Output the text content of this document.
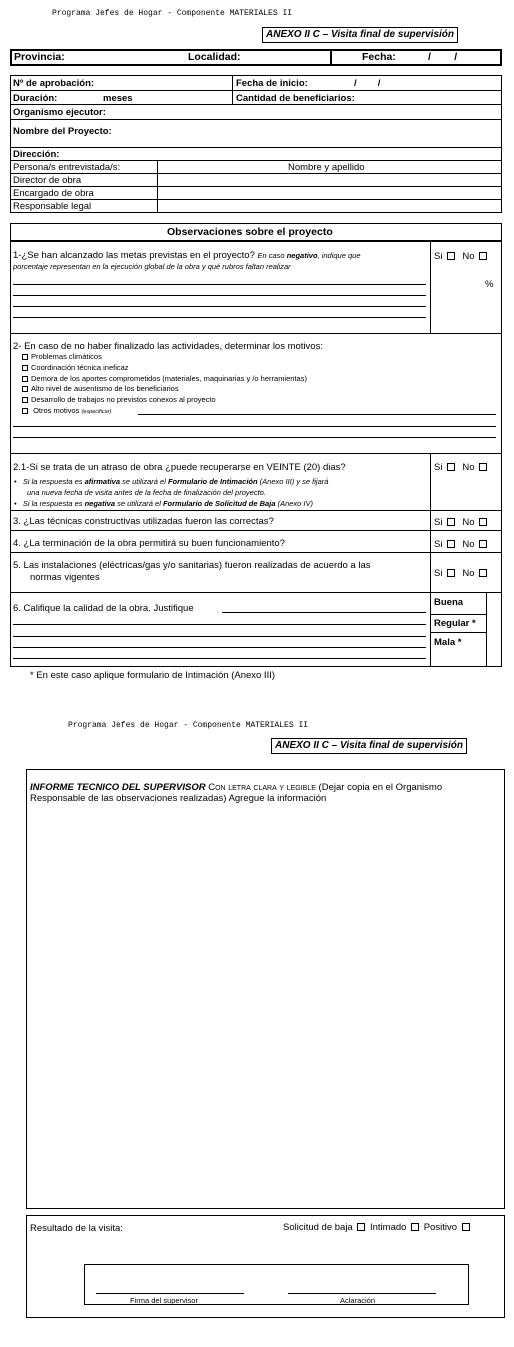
Programa Jefes de Hogar - Componente MATERIALES II
ANEXO II C – Visita final de supervisión
Provincia:	Localidad:	Fecha:	/        /
Nº de aprobación:	Fecha de inicio:	/        /
Duración:	meses	Cantidad de beneficiarios:
Organismo ejecutor:
Nombre del Proyecto:
Dirección:
Persona/s entrevistada/s:	Nombre y apellido
Director de obra
Encargado de obra
Responsable legal
Observaciones sobre el proyecto
1-¿Se han alcanzado las metas previstas en el proyecto? En caso negativo, indique que
porcentaje representan en la ejecución global de la obra y qué rubros faltan realizar
Si No
%
2- En caso de no haber finalizado las actividades, determinar los motivos:
Problemas climáticos
Coordinación técnica ineficaz
Demora de los aportes comprometidos (materiales, maquinarias y /o herramientas)
Alto nivel de ausentismo de los beneficiarios
Desarrollo de trabajos no previstos conexos al proyecto
Otros motivos (especificar)
2.1-Si se trata de un atraso de obra ¿puede recuperarse en VEINTE (20) dias?	Si No
•   Si la respuesta es afirmativa se utilizará el Formulario de Intimación (Anexo III) y se fijará
una nueva fecha de visita antes de la fecha de finalización del proyecto.
•   Si la respuesta es negativa se utilizará el Formulario de Solicitud de Baja (Anexo IV)
3. ¿Las técnicas constructivas utilizadas fueron las correctas?	Si No
4. ¿La terminación de la obra permitirá su buen funcionamiento?	Si No
5. Las instalaciones (eléctricas/gas y/o sanitarias) fueron realizadas de acuerdo a las
normas vigentes	Si No
6. Califique la calidad de la obra. Justifique
Buena
Regular *
Mala *
* En este caso aplique formulario de Intimación (Anexo III)
Programa Jefes de Hogar - Componente MATERIALES II
ANEXO II C – Visita final de supervisión
INFORME TECNICO DEL SUPERVISOR Con letra clara y legible (Dejar copia en el Organismo
Responsable de las observaciones realizadas) Agregue la información
Resultado de la visita:	Solicitud de baja Intimado Positivo
Firma del supervisor	Aclaración
